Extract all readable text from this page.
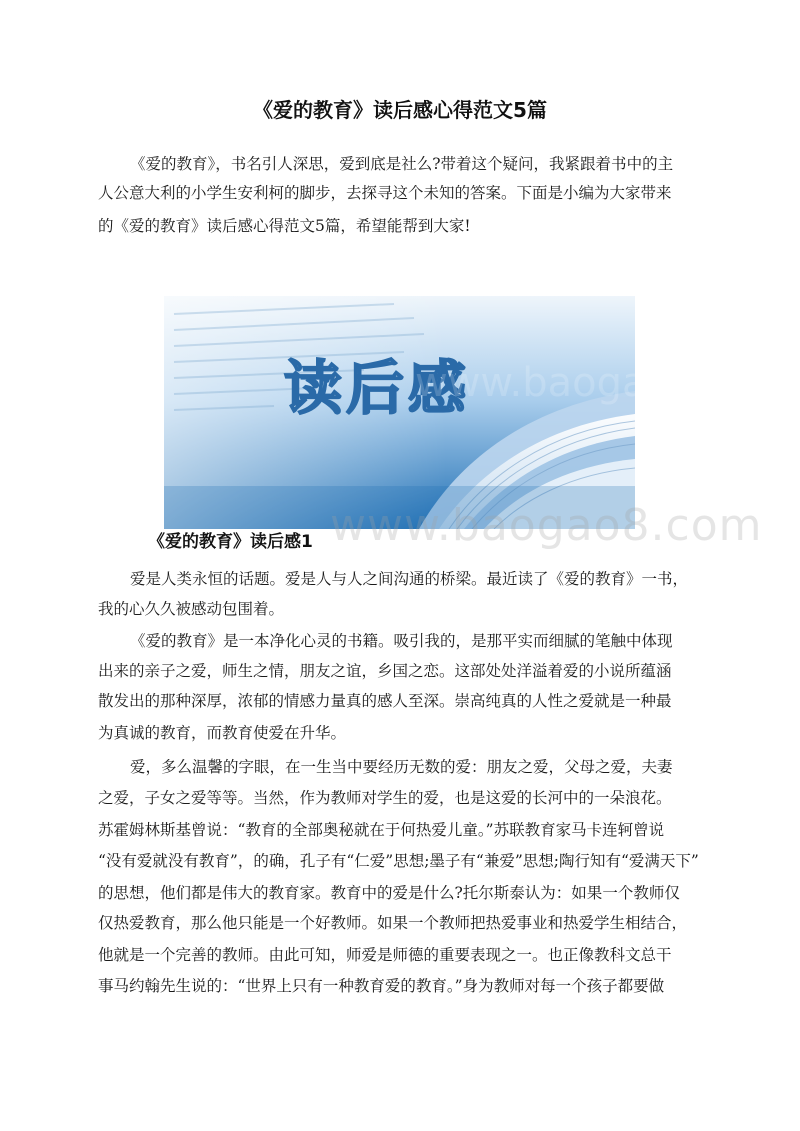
《爱的教育》读后感心得范文5篇
《爱的教育》，书名引人深思，爱到底是社么?带着这个疑问，我紧跟着书中的主
人公意大利的小学生安利柯的脚步，去探寻这个未知的答案。下面是小编为大家带来
的《爱的教育》读后感心得范文5篇，希望能帮到大家!
读后感
《爱的教育》读后感1 www.baogao8.com
爱是人类永恒的话题。爱是人与人之间沟通的桥梁。最近读了《爱的教育》一书，
我的心久久被感动包围着。
《爱的教育》是一本净化心灵的书籍。吸引我的，是那平实而细腻的笔触中体现
出来的亲子之爱，师生之情，朋友之谊，乡国之恋。这部处处洋溢着爱的小说所蕴涵
散发出的那种深厚，浓郁的情感力量真的感人至深。崇高纯真的人性之爱就是一种最
为真诚的教育，而教育使爱在升华。
爱，多么温馨的字眼，在一生当中要经历无数的爱：朋友之爱，父母之爱，夫妻
之爱，子女之爱等等。当然，作为教师对学生的爱，也是这爱的长河中的一朵浪花。
苏霍姆林斯基曾说：“教育的全部奥秘就在于何热爱儿童。”苏联教育家马卡连轲曾说
“没有爱就没有教育”，的确，孔子有“仁爱”思想;墨子有“兼爱”思想;陶行知有“爱满天下”
的思想，他们都是伟大的教育家。教育中的爱是什么?托尔斯泰认为：如果一个教师仅
仅热爱教育，那么他只能是一个好教师。如果一个教师把热爱事业和热爱学生相结合，
他就是一个完善的教师。由此可知，师爱是师德的重要表现之一。也正像教科文总干
事马约翰先生说的：“世界上只有一种教育爱的教育。”身为教师对每一个孩子都要做
